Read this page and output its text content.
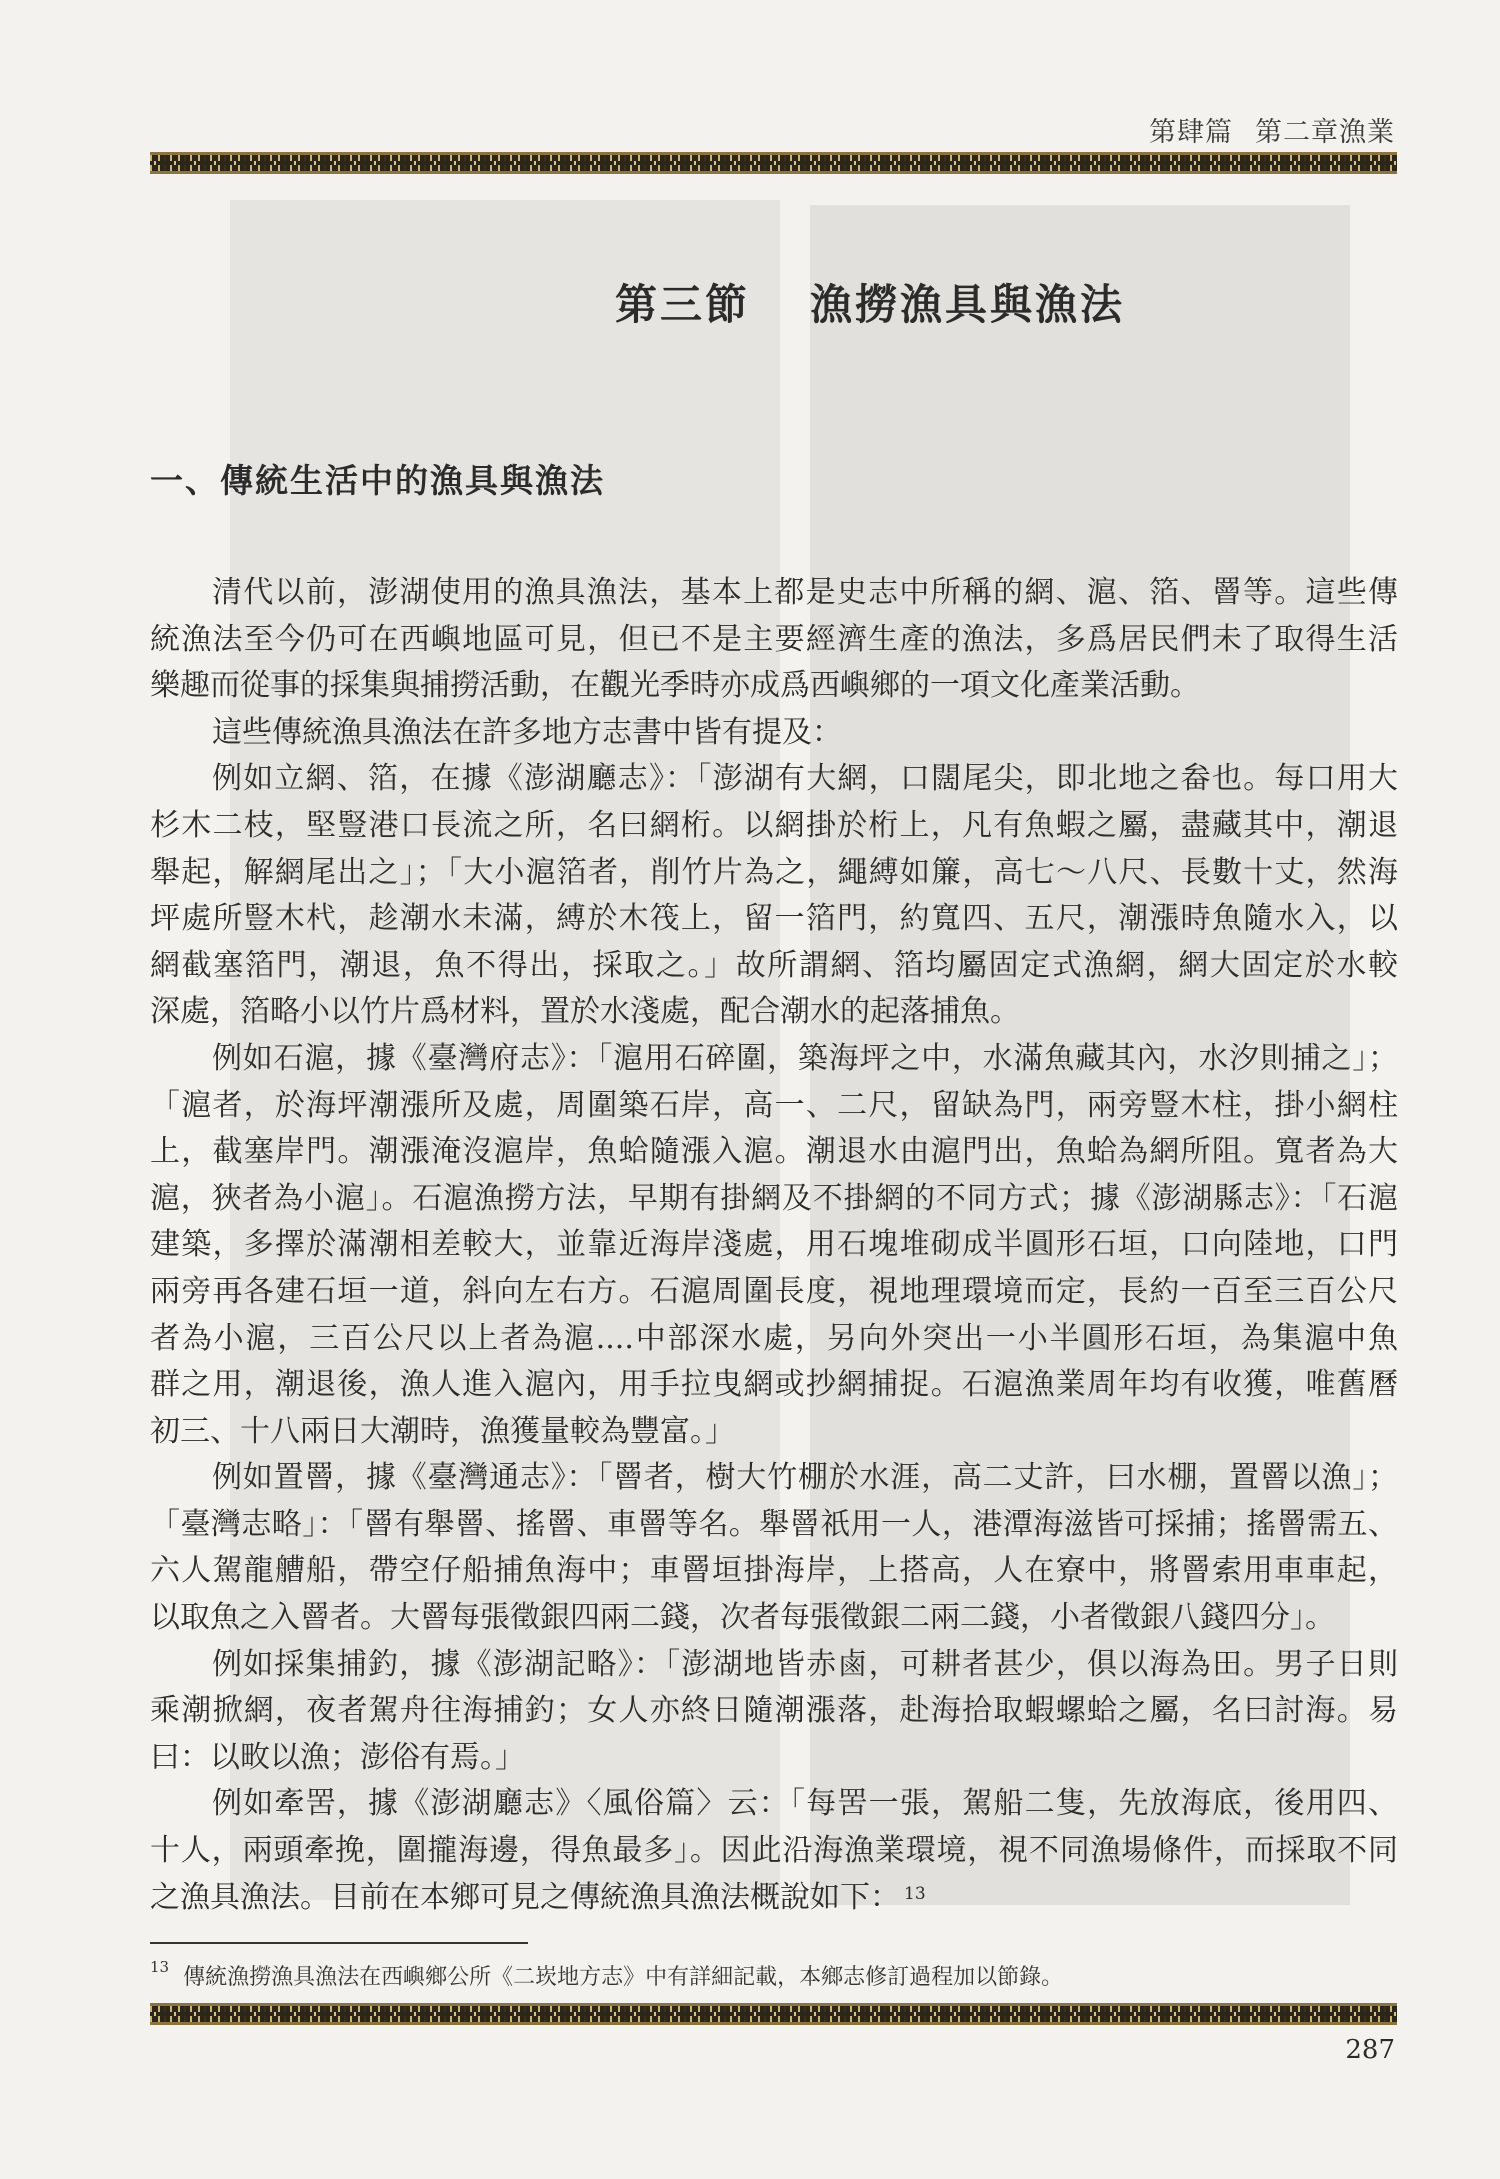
第肆篇 第二章漁業
第三節 漁撈漁具與漁法
一、傳統生活中的漁具與漁法
清代以前，澎湖使用的漁具漁法，基本上都是史志中所稱的網、滬、箔、罾等。這些傳
統漁法至今仍可在西嶼地區可見，但已不是主要經濟生產的漁法，多爲居民們未了取得生活
樂趣而從事的採集與捕撈活動，在觀光季時亦成爲西嶼鄉的一項文化產業活動。
這些傳統漁具漁法在許多地方志書中皆有提及：
例如立網、箔，在據《澎湖廳志》：「澎湖有大網，口闊尾尖，即北地之畚也。每口用大
杉木二枝，堅豎港口長流之所，名曰網桁。以網掛於桁上，凡有魚蝦之屬，盡藏其中，潮退
舉起，解網尾出之」；「大小滬箔者，削竹片為之，繩縛如簾，高七～八尺、長數十丈，然海
坪處所豎木杙，趁潮水未滿，縛於木筏上，留一箔門，約寬四、五尺，潮漲時魚隨水入，以
網截塞箔門，潮退，魚不得出，採取之。」故所謂網、箔均屬固定式漁網，網大固定於水較
深處，箔略小以竹片爲材料，置於水淺處，配合潮水的起落捕魚。
例如石滬，據《臺灣府志》：「滬用石碎圍，築海坪之中，水滿魚藏其內，水汐則捕之」；
「滬者，於海坪潮漲所及處，周圍築石岸，高一、二尺，留缺為門，兩旁豎木柱，掛小網柱
上，截塞岸門。潮漲淹沒滬岸，魚蛤隨漲入滬。潮退水由滬門出，魚蛤為網所阻。寬者為大
滬，狹者為小滬」。石滬漁撈方法，早期有掛網及不掛網的不同方式；據《澎湖縣志》：「石滬
建築，多擇於滿潮相差較大，並靠近海岸淺處，用石塊堆砌成半圓形石垣，口向陸地，口門
兩旁再各建石垣一道，斜向左右方。石滬周圍長度，視地理環境而定，長約一百至三百公尺
者為小滬，三百公尺以上者為滬....中部深水處，另向外突出一小半圓形石垣，為集滬中魚
群之用，潮退後，漁人進入滬內，用手拉曳網或抄網捕捉。石滬漁業周年均有收獲，唯舊曆
初三、十八兩日大潮時，漁獲量較為豐富。」
例如置罾，據《臺灣通志》：「罾者，樹大竹棚於水涯，高二丈許，曰水棚，置罾以漁」；
「臺灣志略」：「罾有舉罾、搖罾、車罾等名。舉罾祇用一人，港潭海滋皆可採捕；搖罾需五、
六人駕龍艚船，帶空仔船捕魚海中；車罾垣掛海岸，上搭高，人在寮中，將罾索用車車起，
以取魚之入罾者。大罾每張徵銀四兩二錢，次者每張徵銀二兩二錢，小者徵銀八錢四分」。
例如採集捕釣，據《澎湖記略》：「澎湖地皆赤鹵，可耕者甚少，俱以海為田。男子日則
乘潮掀網，夜者駕舟往海捕釣；女人亦終日隨潮漲落，赴海拾取蝦螺蛤之屬，名曰討海。易
曰：以畋以漁；澎俗有焉。」
例如牽罟，據《澎湖廳志》〈風俗篇〉云：「每罟一張，駕船二隻，先放海底，後用四、
十人，兩頭牽挽，圍攏海邊，得魚最多」。因此沿海漁業環境，視不同漁場條件，而採取不同
之漁具漁法。目前在本鄉可見之傳統漁具漁法概說如下： $^{13}$
$^{13}$ 傳統漁撈漁具漁法在西嶼鄉公所《二崁地方志》中有詳細記載，本鄉志修訂過程加以節錄。
287
